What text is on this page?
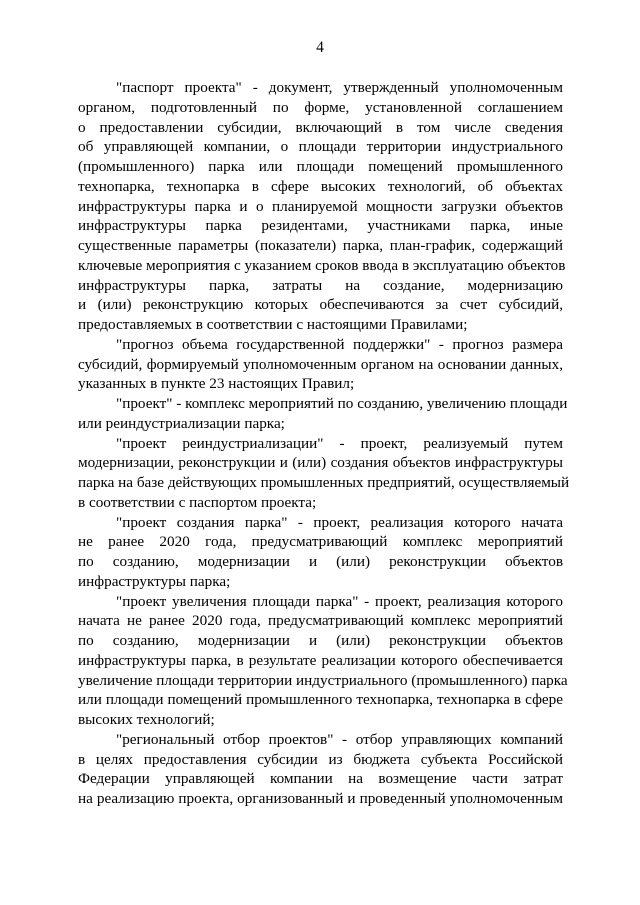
4
"паспорт проекта" - документ, утвержденный уполномоченным
органом, подготовленный по форме, установленной соглашением
о предоставлении субсидии, включающий в том числе сведения
об управляющей компании, о площади территории индустриального
(промышленного) парка или площади помещений промышленного
технопарка, технопарка в сфере высоких технологий, об объектах
инфраструктуры парка и о планируемой мощности загрузки объектов
инфраструктуры парка резидентами, участниками парка, иные
существенные параметры (показатели) парка, план-график, содержащий
ключевые мероприятия с указанием сроков ввода в эксплуатацию объектов
инфраструктуры парка, затраты на создание, модернизацию
и (или) реконструкцию которых обеспечиваются за счет субсидий,
предоставляемых в соответствии с настоящими Правилами;
"прогноз объема государственной поддержки" - прогноз размера
субсидий, формируемый уполномоченным органом на основании данных,
указанных в пункте 23 настоящих Правил;
"проект" - комплекс мероприятий по созданию, увеличению площади
или реиндустриализации парка;
"проект реиндустриализации" - проект, реализуемый путем
модернизации, реконструкции и (или) создания объектов инфраструктуры
парка на базе действующих промышленных предприятий, осуществляемый
в соответствии с паспортом проекта;
"проект создания парка" - проект, реализация которого начата
не ранее 2020 года, предусматривающий комплекс мероприятий
по созданию, модернизации и (или) реконструкции объектов
инфраструктуры парка;
"проект увеличения площади парка" - проект, реализация которого
начата не ранее 2020 года, предусматривающий комплекс мероприятий
по созданию, модернизации и (или) реконструкции объектов
инфраструктуры парка, в результате реализации которого обеспечивается
увеличение площади территории индустриального (промышленного) парка
или площади помещений промышленного технопарка, технопарка в сфере
высоких технологий;
"региональный отбор проектов" - отбор управляющих компаний
в целях предоставления субсидии из бюджета субъекта Российской
Федерации управляющей компании на возмещение части затрат
на реализацию проекта, организованный и проведенный уполномоченным
